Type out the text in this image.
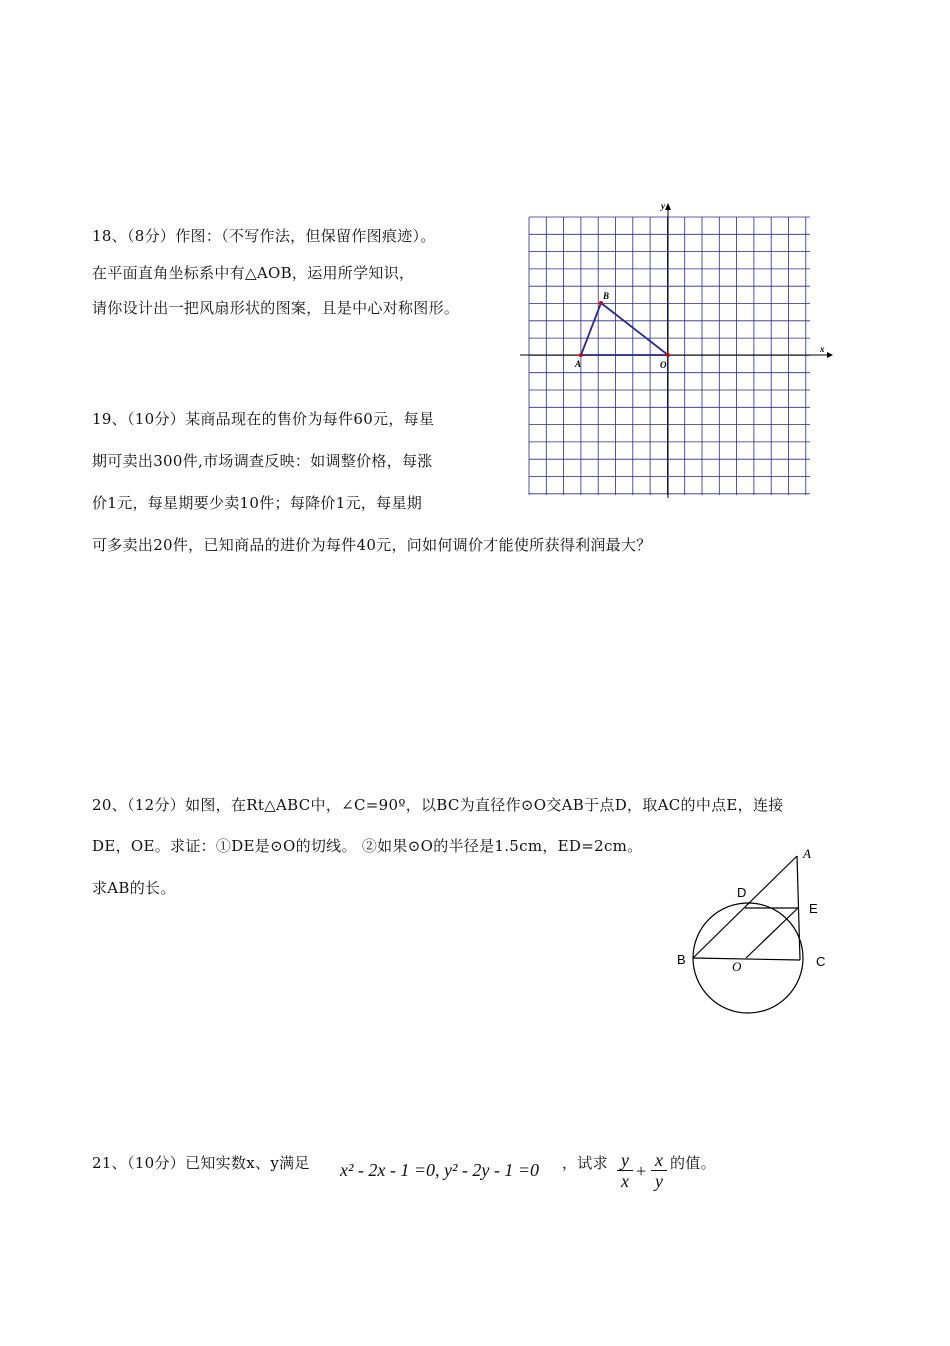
18、（8分）作图：（不写作法，但保留作图痕迹）。
在平面直角坐标系中有△AOB，运用所学知识，
请你设计出一把风扇形状的图案，且是中心对称图形。
x
y
A
B
O
19、（10分）某商品现在的售价为每件60元，每星
期可卖出300件,市场调查反映：如调整价格，每涨
价1元，每星期要少卖10件；每降价1元，每星期
可多卖出20件，已知商品的进价为每件40元，问如何调价才能使所获得利润最大？
20、（12分）如图，在Rt△ABC中，∠C=90º，以BC为直径作⊙O交AB于点D，取AC的中点E，连接
DE，OE。求证：①DE是⊙O的切线。 ②如果⊙O的半径是1.5cm，ED=2cm。
求AB的长。
A
B	C
D
E
O
21、（10分）已知实数x、y满足 x² - 2x - 1 =0, y² - 2y - 1 =0 ，试求 y
x +
x
y
的值。
